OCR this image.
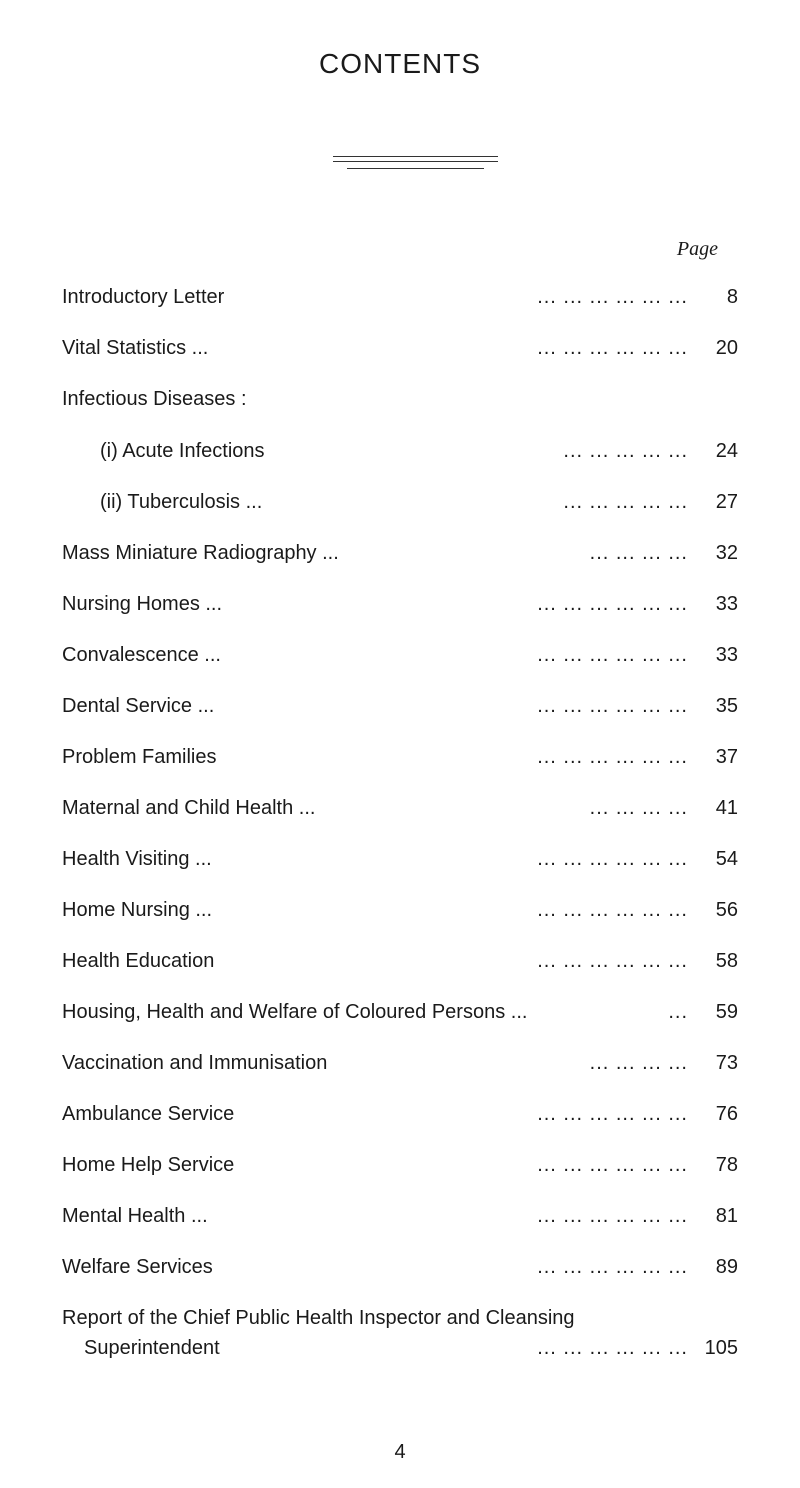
CONTENTS
Page
Introductory Letter	... ... ... ... ... ... 8
Vital Statistics ...	... ... ... ... ... ... 20
Infectious Diseases :
(i) Acute Infections	... ... ... ... ... 24
(ii) Tuberculosis ...	... ... ... ... ... 27
Mass Miniature Radiography ...	... ... ... ... 32
Nursing Homes ...	... ... ... ... ... ... 33
Convalescence ...	... ... ... ... ... ... 33
Dental Service ...	... ... ... ... ... ... 35
Problem Families	... ... ... ... ... ... 37
Maternal and Child Health ...	... ... ... ... 41
Health Visiting ...	... ... ... ... ... ... 54
Home Nursing ...	... ... ... ... ... ... 56
Health Education	... ... ... ... ... ... 58
Housing, Health and Welfare of Coloured Persons ...	... 59
Vaccination and Immunisation	... ... ... ... 73
Ambulance Service	... ... ... ... ... ... 76
Home Help Service	... ... ... ... ... ... 78
Mental Health ...	... ... ... ... ... ... 81
Welfare Services	... ... ... ... ... ... 89
Report of the Chief Public Health Inspector and Cleansing
Superintendent	... ... ... ... ... ... 105
4
